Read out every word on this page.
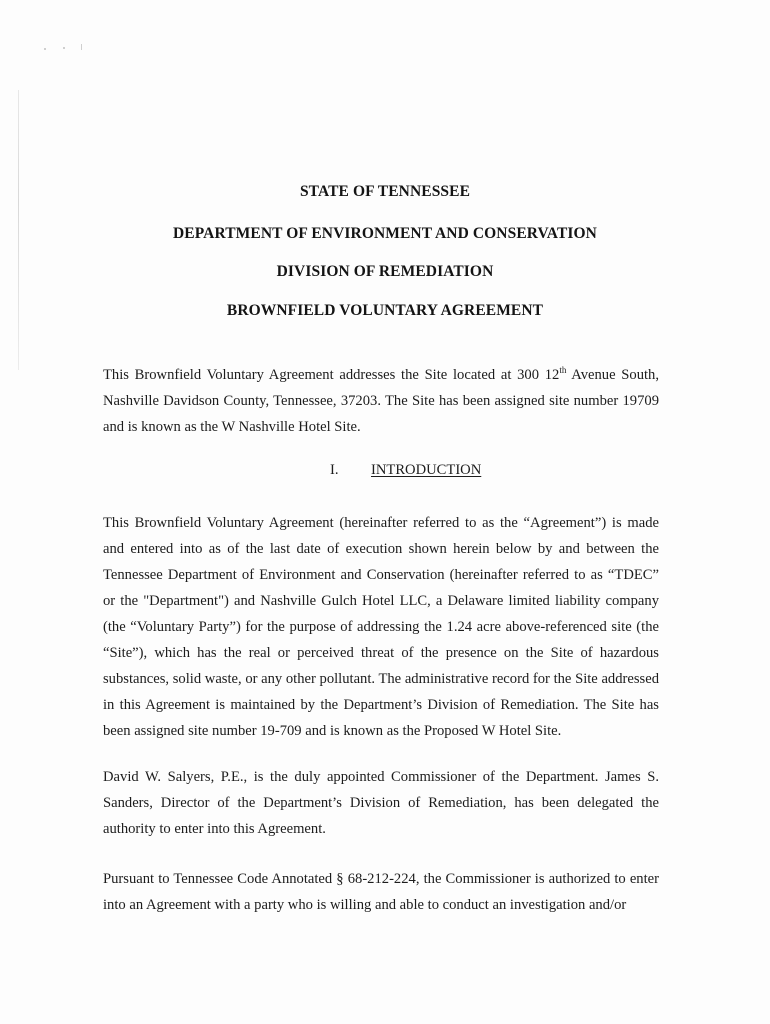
STATE OF TENNESSEE
DEPARTMENT OF ENVIRONMENT AND CONSERVATION
DIVISION OF REMEDIATION
BROWNFIELD VOLUNTARY AGREEMENT
This Brownfield Voluntary Agreement addresses the Site located at 300 12th Avenue South, Nashville Davidson County, Tennessee, 37203. The Site has been assigned site number 19709 and is known as the W Nashville Hotel Site.
I. INTRODUCTION
This Brownfield Voluntary Agreement (hereinafter referred to as the “Agreement”) is made and entered into as of the last date of execution shown herein below by and between the Tennessee Department of Environment and Conservation (hereinafter referred to as “TDEC” or the "Department") and Nashville Gulch Hotel LLC, a Delaware limited liability company (the “Voluntary Party”) for the purpose of addressing the 1.24 acre above-referenced site (the “Site”), which has the real or perceived threat of the presence on the Site of hazardous substances, solid waste, or any other pollutant. The administrative record for the Site addressed in this Agreement is maintained by the Department’s Division of Remediation. The Site has been assigned site number 19-709 and is known as the Proposed W Hotel Site.
David W. Salyers, P.E., is the duly appointed Commissioner of the Department. James S. Sanders, Director of the Department’s Division of Remediation, has been delegated the authority to enter into this Agreement.
Pursuant to Tennessee Code Annotated § 68-212-224, the Commissioner is authorized to enter into an Agreement with a party who is willing and able to conduct an investigation and/or
